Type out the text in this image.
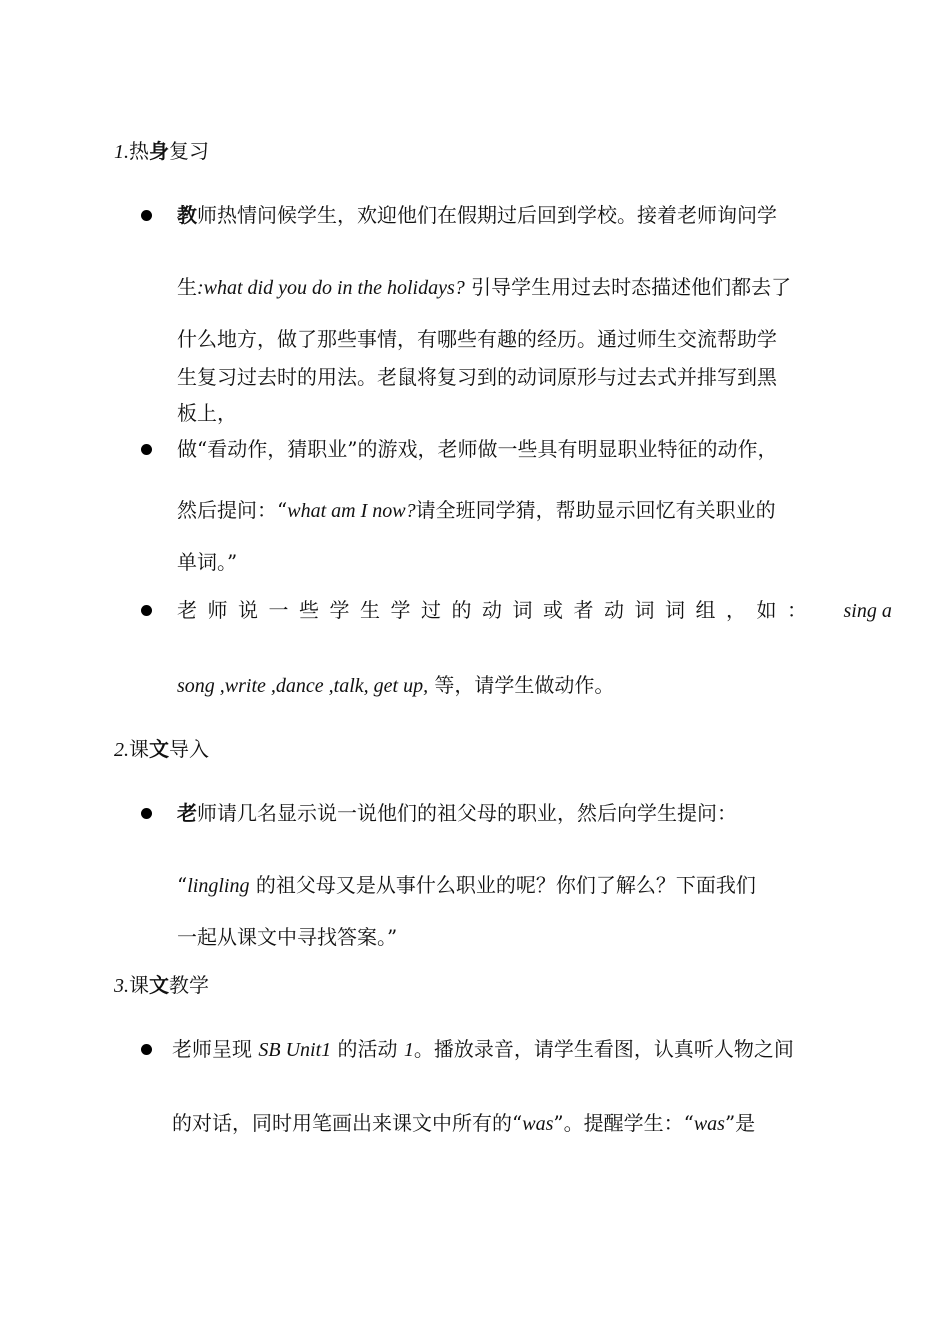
1.热身复习
教师热情问候学生，欢迎他们在假期过后回到学校。接着老师询问学
生:what did you do in the holidays? 引导学生用过去时态描述他们都去了
什么地方，做了那些事情，有哪些有趣的经历。通过师生交流帮助学
生复习过去时的用法。老鼠将复习到的动词原形与过去式并排写到黑
板上，
做“看动作，猜职业”的游戏，老师做一些具有明显职业特征的动作，
然后提问：“what am I now?请全班同学猜，帮助显示回忆有关职业的
单词。”
老师说一些学生学过的动词或者动词词组，如： sing a
song ,write ,dance ,talk, get up, 等，请学生做动作。
2.课文导入
老师请几名显示说一说他们的祖父母的职业，然后向学生提问：
“lingling 的祖父母又是从事什么职业的呢？你们了解么？下面我们
一起从课文中寻找答案。”
3.课文教学
老师呈现 SB Unit1 的活动 1。播放录音，请学生看图，认真听人物之间
的对话，同时用笔画出来课文中所有的“was”。提醒学生：“was”是
